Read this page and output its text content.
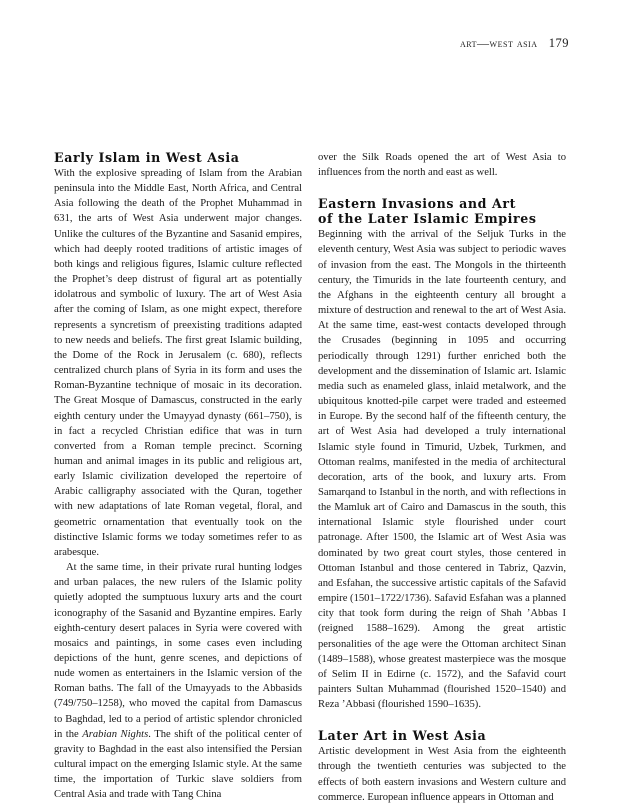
art—west asia 179
Early Islam in West Asia

With the explosive spreading of Islam from the Arabian peninsula into the Middle East, North Africa, and Central Asia following the death of the Prophet Muhammad in 631, the arts of West Asia underwent major changes. Unlike the cultures of the Byzantine and Sasanid empires, which had deeply rooted traditions of artistic images of both kings and religious figures, Islamic culture reflected the Prophet’s deep distrust of figural art as potentially idolatrous and symbolic of luxury. The art of West Asia after the coming of Islam, as one might expect, therefore represents a syncretism of preexisting traditions adapted to new needs and beliefs. The first great Islamic building, the Dome of the Rock in Jerusalem (c. 680), reflects centralized church plans of Syria in its form and uses the Roman-Byzantine technique of mosaic in its decoration. The Great Mosque of Damascus, constructed in the early eighth century under the Umayyad dynasty (661–750), is in fact a recycled Christian edifice that was in turn converted from a Roman temple precinct. Scorning human and animal images in its public and religious art, early Islamic civilization developed the repertoire of Arabic calligraphy associated with the Quran, together with new adaptations of late Roman vegetal, floral, and geometric ornamentation that eventually took on the distinctive Islamic forms we today sometimes refer to as arabesque.

At the same time, in their private rural hunting lodges and urban palaces, the new rulers of the Islamic polity quietly adopted the sumptuous luxury arts and the court iconography of the Sasanid and Byzantine empires. Early eighth-century desert palaces in Syria were covered with mosaics and paintings, in some cases even including depictions of the hunt, genre scenes, and depictions of nude women as entertainers in the Islamic version of the Roman baths. The fall of the Umayyads to the Abbasids (749/750–1258), who moved the capital from Damascus to Baghdad, led to a period of artistic splendor chronicled in the Arabian Nights. The shift of the political center of gravity to Baghdad in the east also intensified the Persian cultural impact on the emerging Islamic style. At the same time, the importation of Turkic slave soldiers from Central Asia and trade with Tang China

over the Silk Roads opened the art of West Asia to influences from the north and east as well.

Eastern Invasions and Art
of the Later Islamic Empires

Beginning with the arrival of the Seljuk Turks in the eleventh century, West Asia was subject to periodic waves of invasion from the east. The Mongols in the thirteenth century, the Timurids in the late fourteenth century, and the Afghans in the eighteenth century all brought a mixture of destruction and renewal to the art of West Asia. At the same time, east-west contacts developed through the Crusades (beginning in 1095 and occurring periodically through 1291) further enriched both the development and the dissemination of Islamic art. Islamic media such as enameled glass, inlaid metalwork, and the ubiquitous knotted-pile carpet were traded and esteemed in Europe. By the second half of the fifteenth century, the art of West Asia had developed a truly international Islamic style found in Timurid, Uzbek, Turkmen, and Ottoman realms, manifested in the media of architectural decoration, arts of the book, and luxury arts. From Samarqand to Istanbul in the north, and with reflections in the Mamluk art of Cairo and Damascus in the south, this international Islamic style flourished under court patronage. After 1500, the Islamic art of West Asia was dominated by two great court styles, those centered in Ottoman Istanbul and those centered in Tabriz, Qazvin, and Esfahan, the successive artistic capitals of the Safavid empire (1501–1722/1736). Safavid Esfahan was a planned city that took form during the reign of Shah ’Abbas I (reigned 1588–1629). Among the great artistic personalities of the age were the Ottoman architect Sinan (1489–1588), whose greatest masterpiece was the mosque of Selim II in Edirne (c. 1572), and the Safavid court painters Sultan Muhammad (flourished 1520–1540) and Reza ’Abbasi (flourished 1590–1635).

Later Art in West Asia

Artistic development in West Asia from the eighteenth through the twentieth centuries was subjected to the effects of both eastern invasions and Western culture and commerce. European influence appears in Ottoman and
